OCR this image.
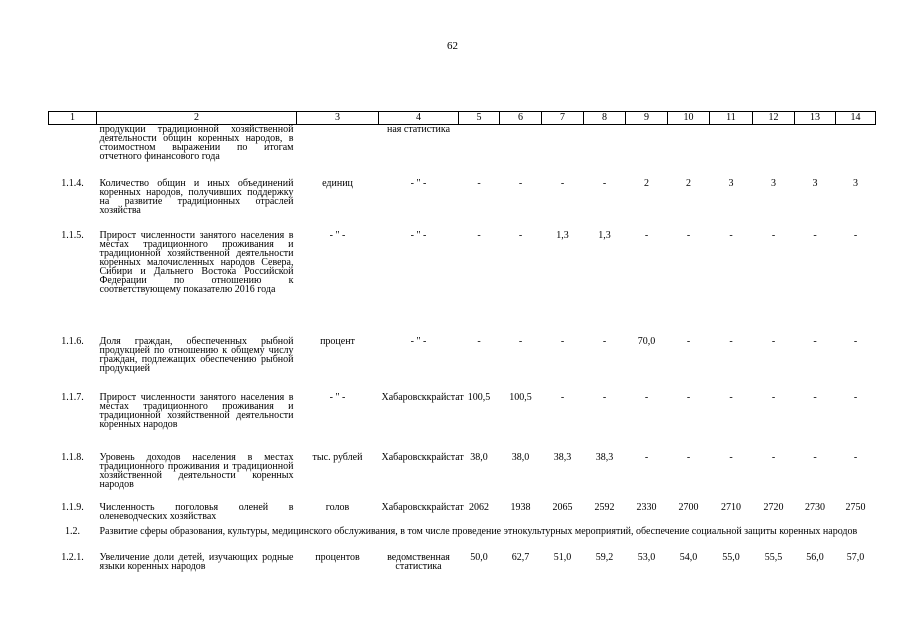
62
1	2	3	4	5	6	7	8	9	10	11	12	13	14
	продукции традиционной хозяйственной деятельности общин коренных народов, в стоимостном выражении по итогам отчетного финансового года		ная статистика										
1.1.4.	Количество общин и иных объединений коренных народов, получивших поддержку на развитие традиционных отраслей хозяйства	единиц	- " -	-	-	-	-	2	2	3	3	3	3
1.1.5.	Прирост численности занятого населения в местах традиционного проживания и традиционной хозяйственной деятельности коренных малочисленных народов Севера, Сибири и Дальнего Востока Российской Федерации по отношению к соответствующему показателю 2016 года	- " -	- " -	-	-	1,3	1,3	-	-	-	-	-	-
1.1.6.	Доля граждан, обеспеченных рыбной продукцией по отношению к общему числу граждан, подлежащих обеспечению рыбной продукцией	процент	- " -	-	-	-	-	70,0	-	-	-	-	-
1.1.7.	Прирост численности занятого населения в местах традиционного проживания и традиционной хозяйственной деятельности коренных народов	- " -	Хабаровсккрайстат	100,5	100,5	-	-	-	-	-	-	-	-
1.1.8.	Уровень доходов населения в местах традиционного проживания и традиционной хозяйственной деятельности коренных народов	тыс. рублей	Хабаровсккрайстат	38,0	38,0	38,3	38,3	-	-	-	-	-	-
1.1.9.	Численность поголовья оленей в оленеводческих хозяйствах	голов	Хабаровсккрайстат	2062	1938	2065	2592	2330	2700	2710	2720	2730	2750
1.2.	Развитие сферы образования, культуры, медицинского обслуживания, в том числе проведение этнокультурных мероприятий, обеспечение социальной защиты коренных народов												
1.2.1.	Увеличение доли детей, изучающих родные языки коренных народов	процентов	ведомственная статистика	50,0	62,7	51,0	59,2	53,0	54,0	55,0	55,5	56,0	57,0
